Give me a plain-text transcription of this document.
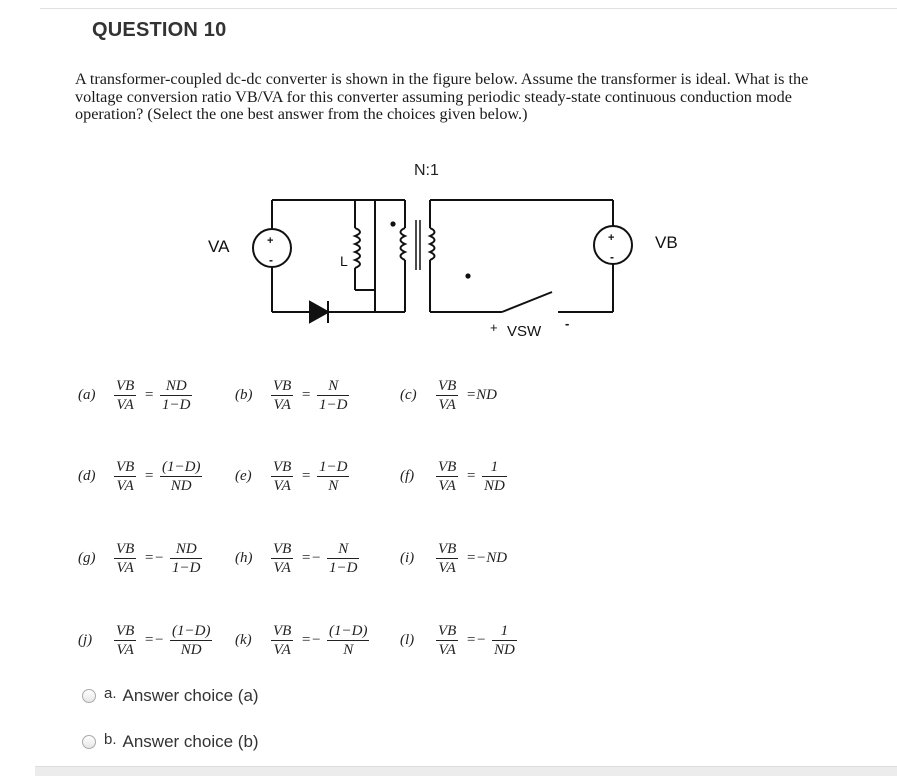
QUESTION 10
A transformer-coupled dc-dc converter is shown in the figure below. Assume the transformer is ideal. What is the voltage conversion ratio VB/VA for this converter assuming periodic steady-state continuous conduction mode operation? (Select the one best answer from the choices given below.)
N:1
+
-
+
-
VA	VB
L
+ VSW -
(a)
VB
VA
=
ND
1−D
(b)
VB
VA
=
N
1−D
(c)
VB
VA
=ND
(d)
VB
VA
=
(1−D)
ND
(e)
VB
VA
=
1−D
N
(f)
VB
VA
=
1
ND
(g)
VB
VA
=−
ND
1−D
(h)
VB
VA
=−
N
1−D
(i)
VB
VA
=−ND
(j)
VB
VA
=−
(1−D)
ND
(k)
VB
VA
=−
(1−D)
N
(l)
VB
VA
=−
1
ND
a. Answer choice (a)
b. Answer choice (b)
